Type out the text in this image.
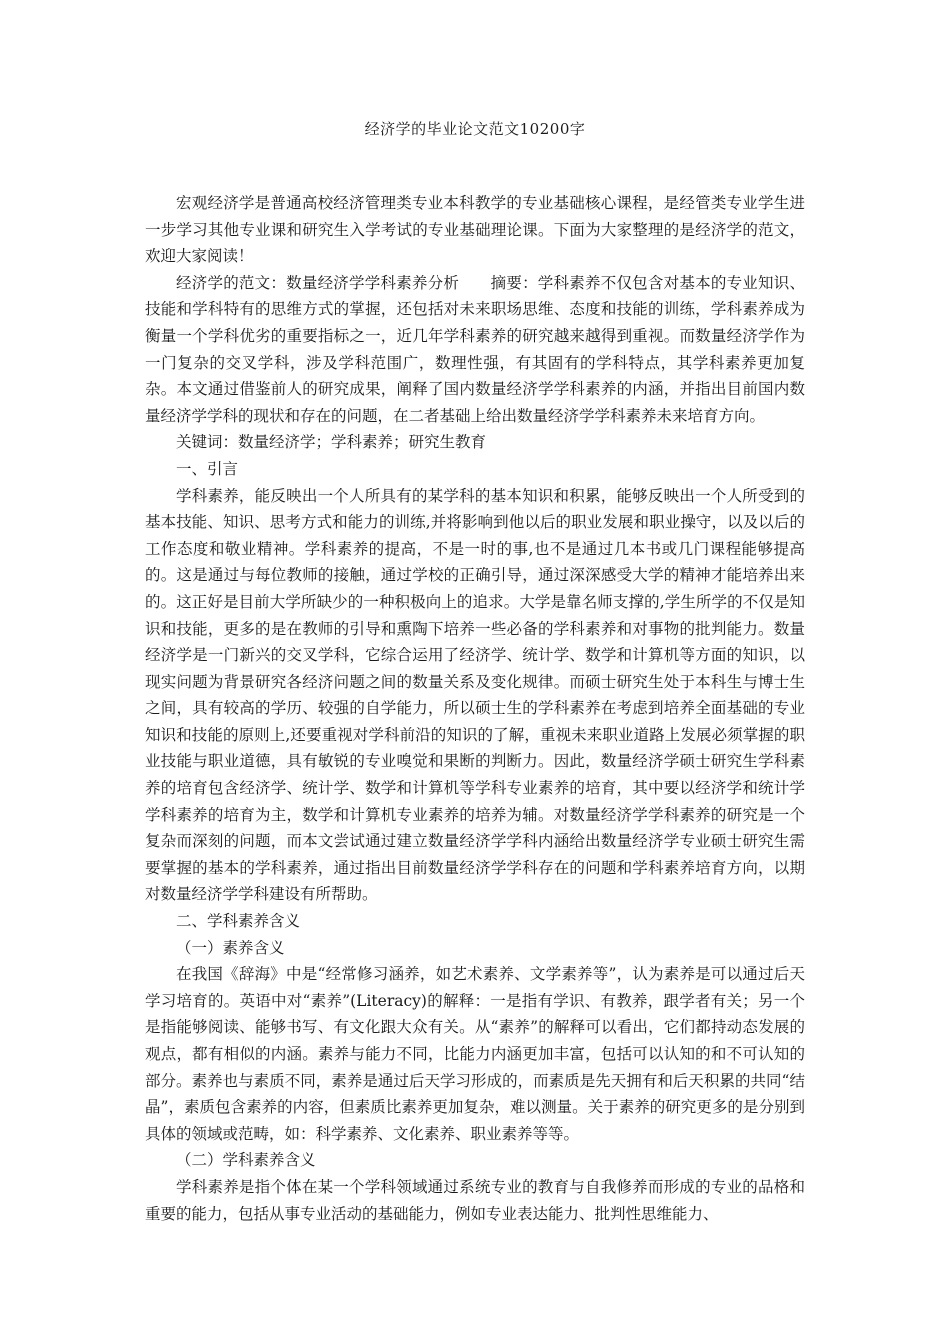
经济学的毕业论文范文10200字

宏观经济学是普通高校经济管理类专业本科教学的专业基础核心课程，是经管类专业学生进一步学习其他专业课和研究生入学考试的专业基础理论课。下面为大家整理的是经济学的范文，欢迎大家阅读！

经济学的范文：数量经济学学科素养分析　　摘要：学科素养不仅包含对基本的专业知识、技能和学科特有的思维方式的掌握，还包括对未来职场思维、态度和技能的训练，学科素养成为衡量一个学科优劣的重要指标之一，近几年学科素养的研究越来越得到重视。而数量经济学作为一门复杂的交叉学科，涉及学科范围广，数理性强，有其固有的学科特点，其学科素养更加复杂。本文通过借鉴前人的研究成果，阐释了国内数量经济学学科素养的内涵，并指出目前国内数量经济学学科的现状和存在的问题，在二者基础上给出数量经济学学科素养未来培育方向。

关键词：数量经济学；学科素养；研究生教育

一、引言

学科素养，能反映出一个人所具有的某学科的基本知识和积累，能够反映出一个人所受到的基本技能、知识、思考方式和能力的训练,并将影响到他以后的职业发展和职业操守，以及以后的工作态度和敬业精神。学科素养的提高，不是一时的事,也不是通过几本书或几门课程能够提高的。这是通过与每位教师的接触，通过学校的正确引导，通过深深感受大学的精神才能培养出来的。这正好是目前大学所缺少的一种积极向上的追求。大学是靠名师支撑的,学生所学的不仅是知识和技能，更多的是在教师的引导和熏陶下培养一些必备的学科素养和对事物的批判能力。数量经济学是一门新兴的交叉学科，它综合运用了经济学、统计学、数学和计算机等方面的知识，以现实问题为背景研究各经济问题之间的数量关系及变化规律。而硕士研究生处于本科生与博士生之间，具有较高的学历、较强的自学能力，所以硕士生的学科素养在考虑到培养全面基础的专业知识和技能的原则上,还要重视对学科前沿的知识的了解，重视未来职业道路上发展必须掌握的职业技能与职业道德，具有敏锐的专业嗅觉和果断的判断力。因此，数量经济学硕士研究生学科素养的培育包含经济学、统计学、数学和计算机等学科专业素养的培育，其中要以经济学和统计学学科素养的培育为主，数学和计算机专业素养的培养为辅。对数量经济学学科素养的研究是一个复杂而深刻的问题，而本文尝试通过建立数量经济学学科内涵给出数量经济学专业硕士研究生需要掌握的基本的学科素养，通过指出目前数量经济学学科存在的问题和学科素养培育方向，以期对数量经济学学科建设有所帮助。

二、学科素养含义

（一）素养含义

在我国《辞海》中是“经常修习涵养，如艺术素养、文学素养等”，认为素养是可以通过后天学习培育的。英语中对“素养”(Literacy)的解释：一是指有学识、有教养，跟学者有关；另一个是指能够阅读、能够书写、有文化跟大众有关。从“素养”的解释可以看出，它们都持动态发展的观点，都有相似的内涵。素养与能力不同，比能力内涵更加丰富，包括可以认知的和不可认知的部分。素养也与素质不同，素养是通过后天学习形成的，而素质是先天拥有和后天积累的共同“结晶”，素质包含素养的内容，但素质比素养更加复杂，难以测量。关于素养的研究更多的是分别到具体的领域或范畴，如：科学素养、文化素养、职业素养等等。

（二）学科素养含义

学科素养是指个体在某一个学科领域通过系统专业的教育与自我修养而形成的专业的品格和重要的能力，包括从事专业活动的基础能力，例如专业表达能力、批判性思维能力、
